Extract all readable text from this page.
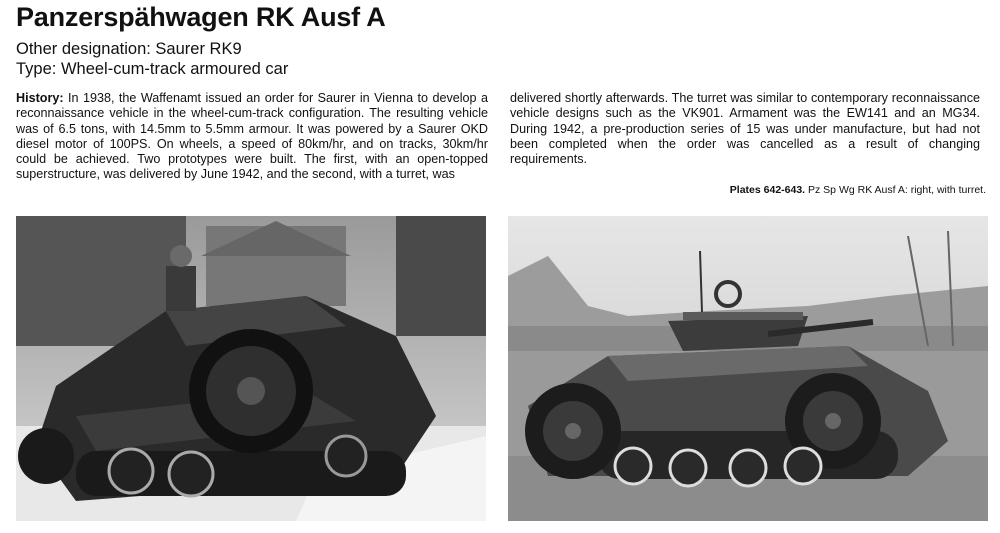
Panzerspähwagen RK Ausf A
Other designation: Saurer RK9
Type: Wheel-cum-track armoured car

History: In 1938, the Waffenamt issued an order for Saurer in Vienna to develop a reconnaissance vehicle in the wheel-cum-track configuration. The resulting vehicle was of 6.5 tons, with 14.5mm to 5.5mm armour. It was powered by a Saurer OKD diesel motor of 100PS. On wheels, a speed of 80km/hr, and on tracks, 30km/hr could be achieved. Two prototypes were built. The first, with an open-topped superstructure, was delivered by June 1942, and the second, with a turret, was

delivered shortly afterwards. The turret was similar to contemporary reconnaissance vehicle designs such as the VK901. Armament was the EW141 and an MG34. During 1942, a pre-production series of 15 was under manufacture, but had not been completed when the order was cancelled as a result of changing requirements.

Plates 642-643. Pz Sp Wg RK Ausf A: right, with turret.
